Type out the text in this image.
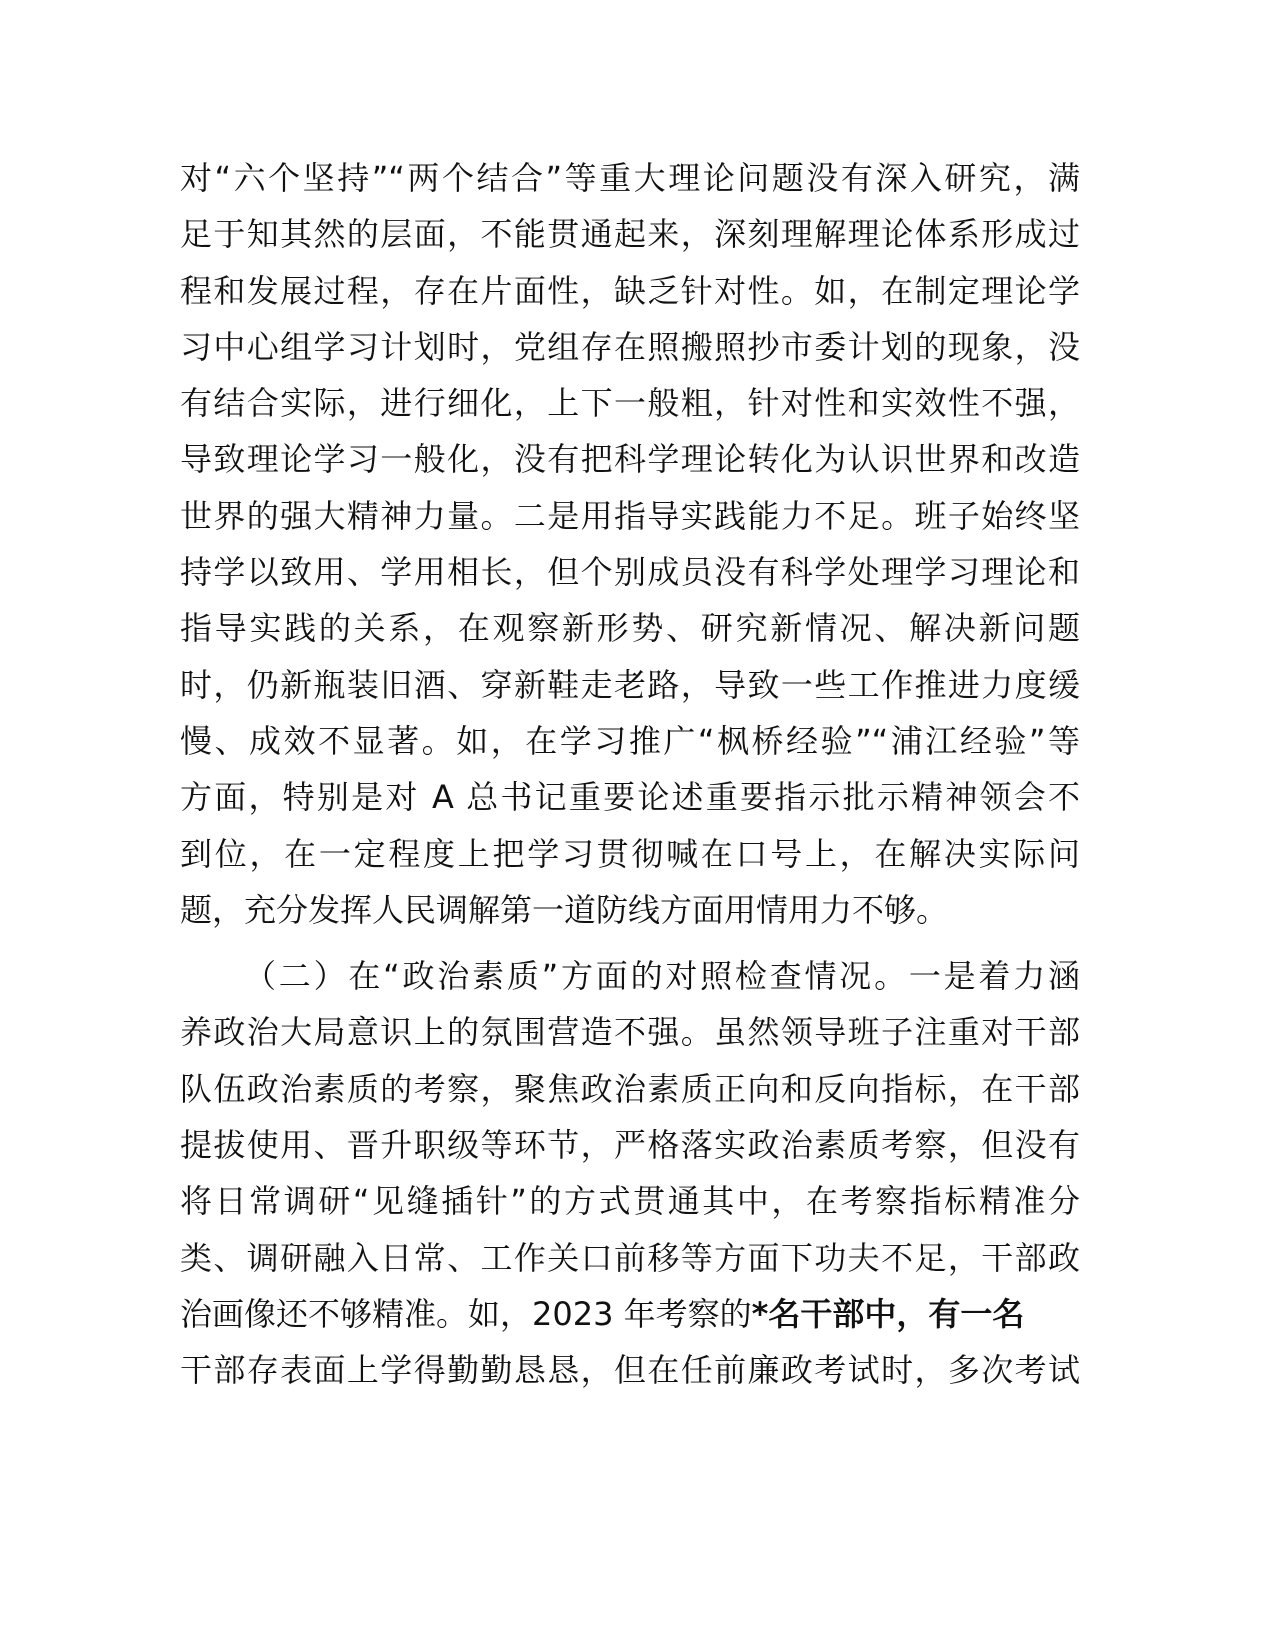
对“六个坚持”“两个结合”等重大理论问题没有深入研究，满
足于知其然的层面，不能贯通起来，深刻理解理论体系形成过
程和发展过程，存在片面性，缺乏针对性。如，在制定理论学
习中心组学习计划时，党组存在照搬照抄市委计划的现象，没
有结合实际，进行细化，上下一般粗，针对性和实效性不强，
导致理论学习一般化，没有把科学理论转化为认识世界和改造
世界的强大精神力量。二是用指导实践能力不足。班子始终坚
持学以致用、学用相长，但个别成员没有科学处理学习理论和
指导实践的关系，在观察新形势、研究新情况、解决新问题
时，仍新瓶装旧酒、穿新鞋走老路，导致一些工作推进力度缓
慢、成效不显著。如，在学习推广“枫桥经验”“浦江经验”等
方面，特别是对 A 总书记重要论述重要指示批示精神领会不
到位，在一定程度上把学习贯彻喊在口号上，在解决实际问
题，充分发挥人民调解第一道防线方面用情用力不够。
（二）在“政治素质”方面的对照检查情况。一是着力涵
养政治大局意识上的氛围营造不强。虽然领导班子注重对干部
队伍政治素质的考察，聚焦政治素质正向和反向指标，在干部
提拔使用、晋升职级等环节，严格落实政治素质考察，但没有
将日常调研“见缝插针”的方式贯通其中，在考察指标精准分
类、调研融入日常、工作关口前移等方面下功夫不足，干部政
治画像还不够精准。如，2023 年考察的*名干部中，有一名
干部存表面上学得勤勤恳恳，但在任前廉政考试时，多次考试
